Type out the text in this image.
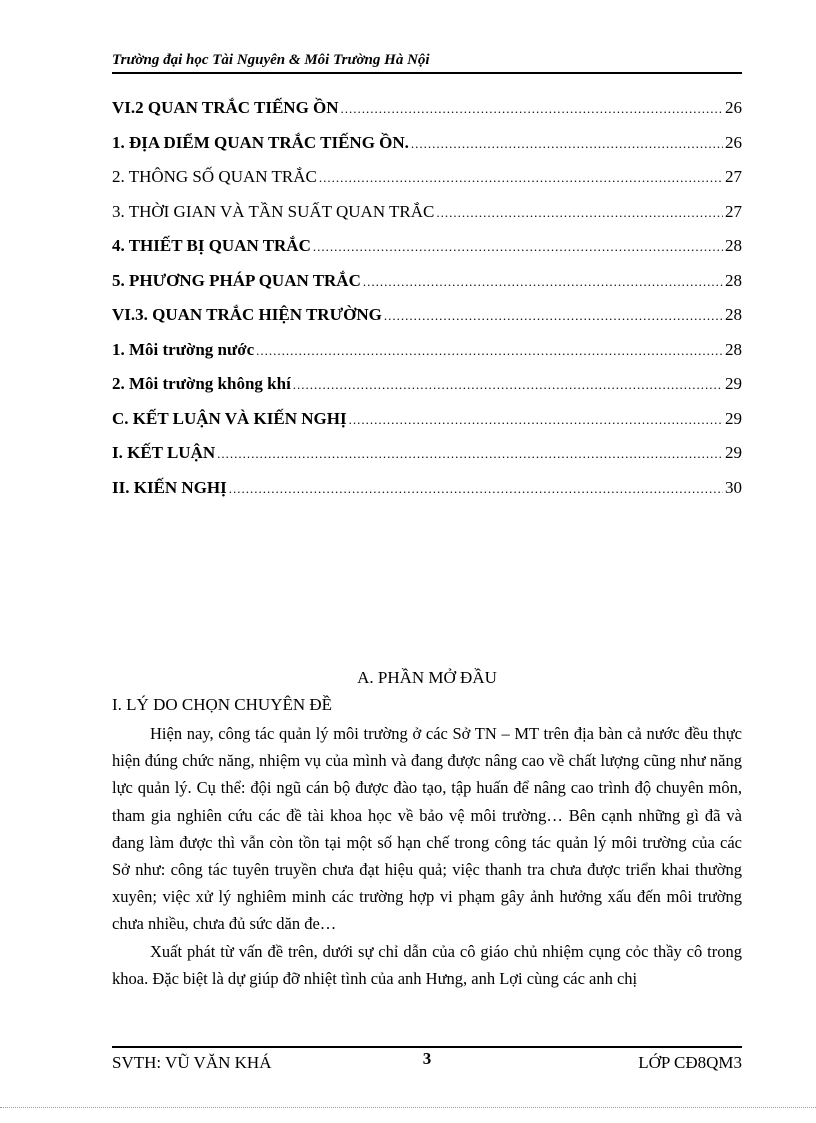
Trường đại học Tài Nguyên & Môi Trường Hà Nội
VI.2 QUAN TRẮC TIẾNG ỒN .....	26
1. ĐỊA DIỂM QUAN TRẮC TIẾNG ỒN. .....	26
2. THÔNG SỐ QUAN TRẮC .....	27
3. THỜI GIAN VÀ TẦN SUẤT QUAN TRẮC .....	27
4. THIẾT BỊ QUAN TRẮC .....	28
5. PHƯƠNG PHÁP QUAN TRẮC .....	28
VI.3. QUAN TRẮC HIỆN TRƯỜNG .....	28
1. Môi trường nước .....	28
2. Môi trường không khí .....	29
C. KẾT LUẬN VÀ KIẾN NGHỊ .....	29
I. KẾT LUẬN .....	29
II. KIẾN NGHỊ .....	30
A. PHẦN MỞ ĐẦU
I. LÝ DO CHỌN CHUYÊN ĐỀ

Hiện nay, công tác quản lý môi trường ở các Sở TN – MT trên địa bàn cả nước đều thực hiện đúng chức năng, nhiệm vụ của mình và đang được nâng cao về chất lượng cũng như năng lực quản lý. Cụ thể: đội ngũ cán bộ được đào tạo, tập huấn để nâng cao trình độ chuyên môn, tham gia nghiên cứu các đề tài khoa học về bảo vệ môi trường… Bên cạnh những gì đã và đang làm được thì vẫn còn tồn tại một số hạn chế trong công tác quản lý môi trường của các Sở như: công tác tuyên truyền chưa đạt hiệu quả; việc thanh tra chưa được triển khai thường xuyên; việc xử lý nghiêm minh các trường hợp vi phạm gây ảnh hưởng xấu đến môi trường chưa nhiều, chưa đủ sức dăn đe…

Xuất phát từ vấn đề trên, dưới sự chỉ dẫn của cô giáo chủ nhiệm cụng cỏc thầy cô trong khoa. Đặc biệt là dự giúp đỡ nhiệt tình của anh Hưng, anh Lợi cùng các anh chị

SVTH: VŨ VĂN KHÁ	3	LỚP CĐ8QM3
